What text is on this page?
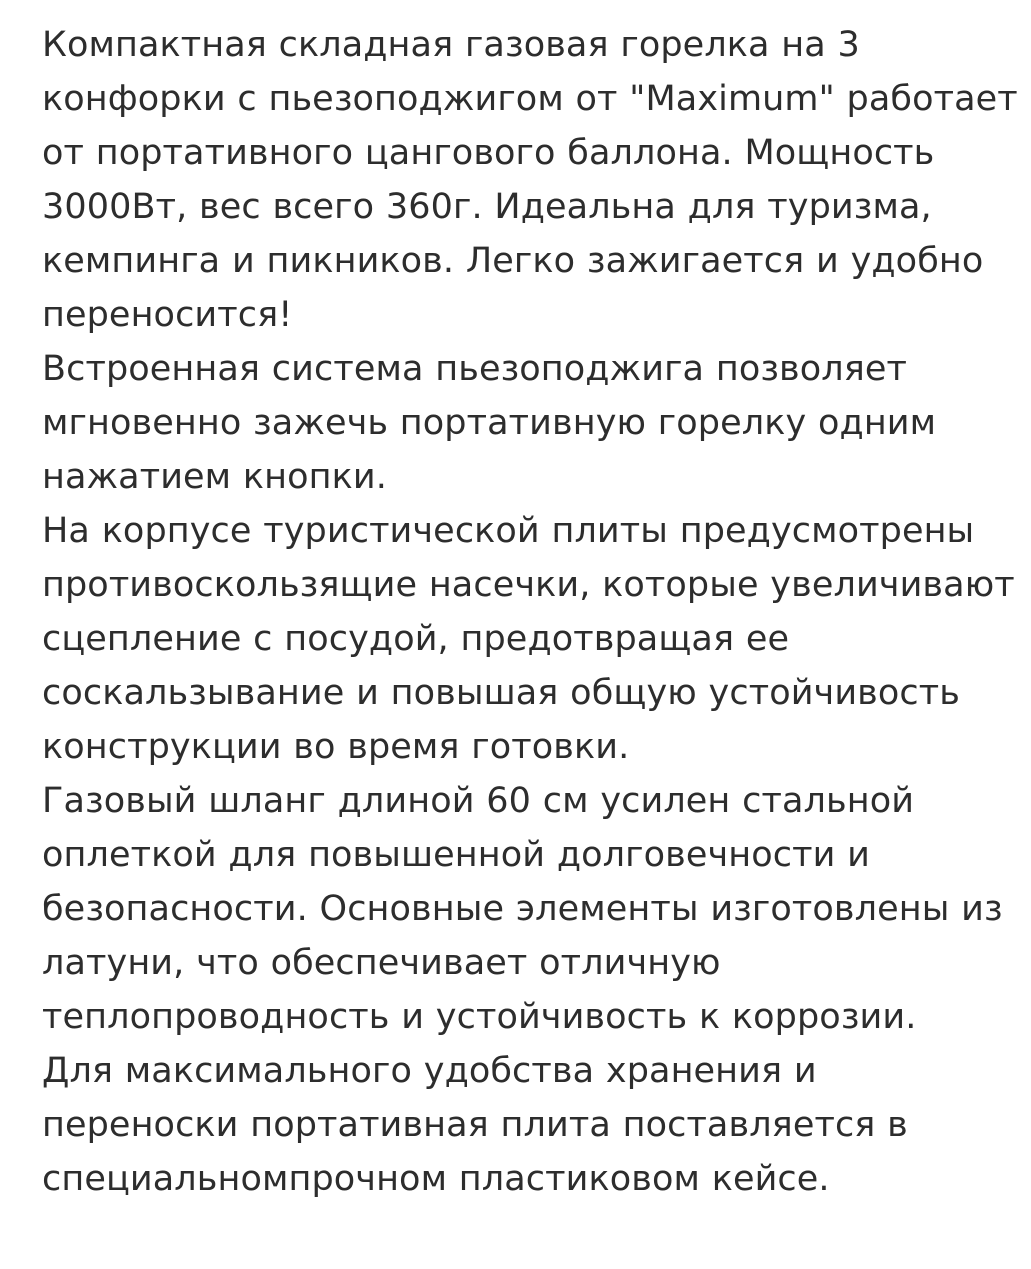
Компактная складная газовая горелка на 3 конфорки с пьезоподжигом от "Maximum" работает от портативного цангового баллона. Мощность 3000Вт, вес всего 360г. Идеальна для туризма, кемпинга и пикников. Легко зажигается и удобно переносится!

Встроенная система пьезоподжига позволяет мгновенно зажечь портативную горелку одним нажатием кнопки.

На корпусе туристической плиты предусмотрены противоскользящие насечки, которые увеличивают сцепление с посудой, предотвращая ее соскальзывание и повышая общую устойчивость конструкции во время готовки.

Газовый шланг длиной 60 см усилен стальной оплеткой для повышенной долговечности и безопасности. Основные элементы изготовлены из латуни, что обеспечивает отличную теплопроводность и устойчивость к коррозии.

Для максимального удобства хранения и переноски портативная плита поставляется в специальномпрочном пластиковом кейсе.
